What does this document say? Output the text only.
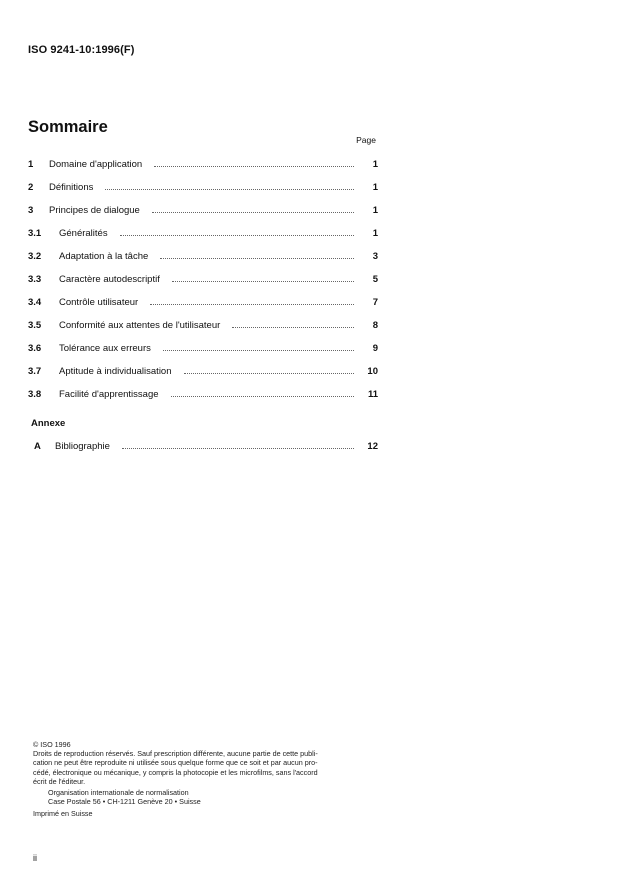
ISO 9241-10:1996(F)
Sommaire
Page
1	Domaine d'application	1
2	Définitions	1
3	Principes de dialogue	1
3.1	Généralités	1
3.2	Adaptation à la tâche	3
3.3	Caractère autodescriptif	5
3.4	Contrôle utilisateur	7
3.5	Conformité aux attentes de l'utilisateur	8
3.6	Tolérance aux erreurs	9
3.7	Aptitude à individualisation	10
3.8	Facilité d'apprentissage	11
Annexe
A	Bibliographie	12

© ISO 1996

Droits de reproduction réservés. Sauf prescription différente, aucune partie de cette publi-

cation ne peut être reproduite ni utilisée sous quelque forme que ce soit et par aucun pro-

cédé, électronique ou mécanique, y compris la photocopie et les microfilms, sans l'accord

écrit de l'éditeur.

Organisation internationale de normalisation

Case Postale 56 • CH-1211 Genève 20 • Suisse

Imprimé en Suisse

ii
